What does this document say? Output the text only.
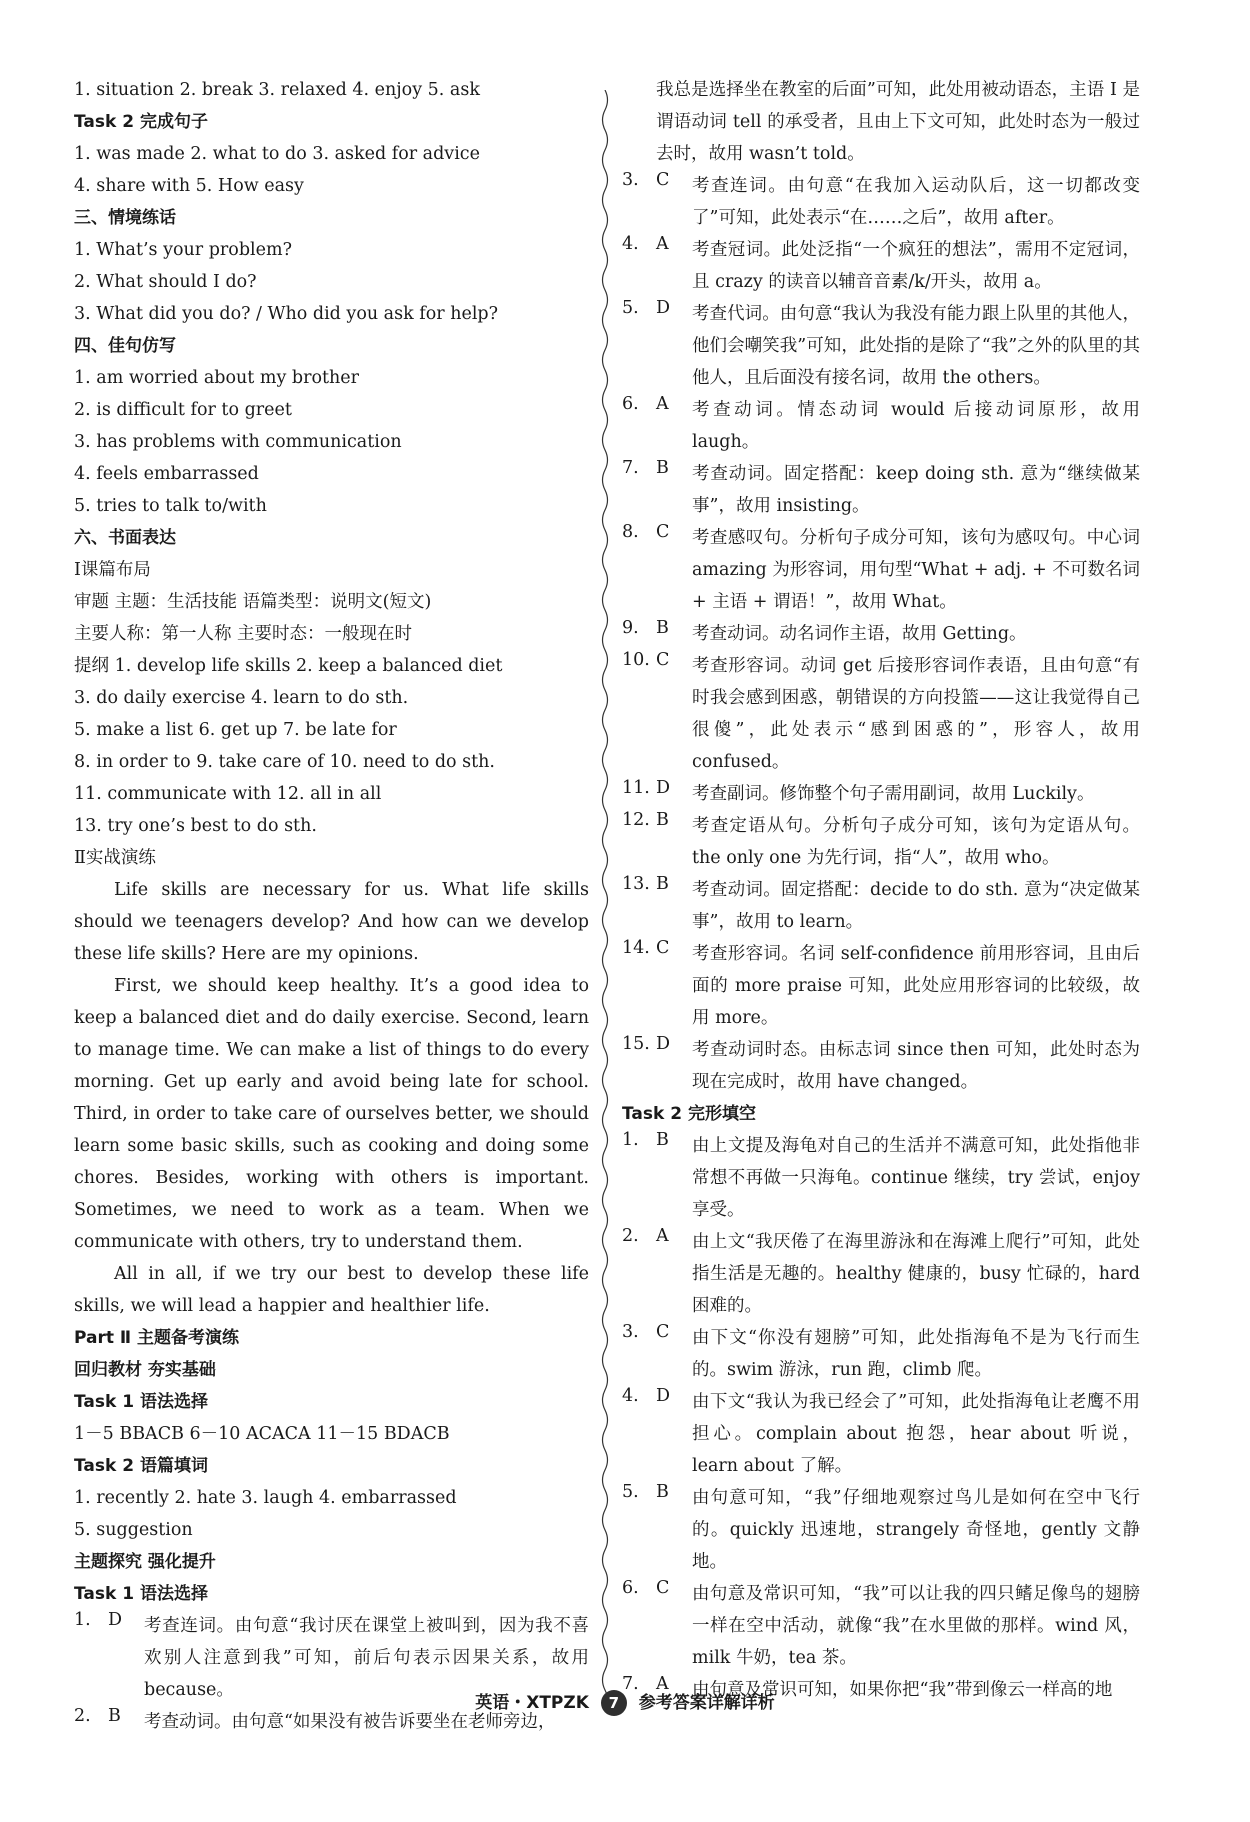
1. situation 2. break 3. relaxed 4. enjoy 5. ask
Task 2 完成句子
1. was made 2. what to do 3. asked for advice
4. share with 5. How easy
三、情境练话
1. What’s your problem?
2. What should I do?
3. What did you do? / Who did you ask for help?
四、佳句仿写
1. am worried about my brother
2. is difficult for to greet
3. has problems with communication
4. feels embarrassed
5. tries to talk to/with
六、书面表达
Ⅰ课篇布局
审题 主题：生活技能 语篇类型：说明文(短文)
主要人称：第一人称 主要时态：一般现在时
提纲 1. develop life skills 2. keep a balanced diet
3. do daily exercise 4. learn to do sth.
5. make a list 6. get up 7. be late for
8. in order to 9. take care of 10. need to do sth.
11. communicate with 12. all in all
13. try one’s best to do sth.
Ⅱ实战演练

Life skills are necessary for us. What life skills should we teenagers develop? And how can we develop these life skills? Here are my opinions.

First, we should keep healthy. It’s a good idea to keep a balanced diet and do daily exercise. Second, learn to manage time. We can make a list of things to do every morning. Get up early and avoid being late for school. Third, in order to take care of ourselves better, we should learn some basic skills, such as cooking and doing some chores. Besides, working with others is important. Sometimes, we need to work as a team. When we communicate with others, try to understand them.

All in all, if we try our best to develop these life skills, we will lead a happier and healthier life.

Part Ⅱ 主题备考演练
回归教材 夯实基础
Task 1 语法选择
1－5 BBACB 6－10 ACACA 11－15 BDACB
Task 2 语篇填词
1. recently 2. hate 3. laugh 4. embarrassed
5. suggestion
主题探究 强化提升
Task 1 语法选择
1. D	考查连词。由句意“我讨厌在课堂上被叫到，因为我不喜欢别人注意到我”可知，前后句表示因果关系，故用 because。
2. B	考查动词。由句意“如果没有被告诉要坐在老师旁边，
我总是选择坐在教室的后面”可知，此处用被动语态，主语 I 是谓语动词 tell 的承受者，且由上下文可知，此处时态为一般过去时，故用 wasn’t told。
3. C	考查连词。由句意“在我加入运动队后，这一切都改变了”可知，此处表示“在……之后”，故用 after。
4. A	考查冠词。此处泛指“一个疯狂的想法”，需用不定冠词，且 crazy 的读音以辅音音素/k/开头，故用 a。
5. D	考查代词。由句意“我认为我没有能力跟上队里的其他人，他们会嘲笑我”可知，此处指的是除了“我”之外的队里的其他人，且后面没有接名词，故用 the others。
6. A	考查动词。情态动词 would 后接动词原形，故用 laugh。
7. B	考查动词。固定搭配：keep doing sth. 意为“继续做某事”，故用 insisting。
8. C	考查感叹句。分析句子成分可知，该句为感叹句。中心词 amazing 为形容词，用句型“What + adj. + 不可数名词 + 主语 + 谓语！”，故用 What。
9. B	考查动词。动名词作主语，故用 Getting。
10. C	考查形容词。动词 get 后接形容词作表语，且由句意“有时我会感到困惑，朝错误的方向投篮——这让我觉得自己很傻”，此处表示“感到困惑的”，形容人，故用 confused。
11. D	考查副词。修饰整个句子需用副词，故用 Luckily。
12. B	考查定语从句。分析句子成分可知，该句为定语从句。the only one 为先行词，指“人”，故用 who。
13. B	考查动词。固定搭配：decide to do sth. 意为“决定做某事”，故用 to learn。
14. C	考查形容词。名词 self-confidence 前用形容词，且由后面的 more praise 可知，此处应用形容词的比较级，故用 more。
15. D	考查动词时态。由标志词 since then 可知，此处时态为现在完成时，故用 have changed。
Task 2 完形填空
1. B	由上文提及海龟对自己的生活并不满意可知，此处指他非常想不再做一只海龟。continue 继续，try 尝试，enjoy 享受。
2. A	由上文“我厌倦了在海里游泳和在海滩上爬行”可知，此处指生活是无趣的。healthy 健康的，busy 忙碌的，hard 困难的。
3. C	由下文“你没有翅膀”可知，此处指海龟不是为飞行而生的。swim 游泳，run 跑，climb 爬。
4. D	由下文“我认为我已经会了”可知，此处指海龟让老鹰不用担心。complain about 抱怨，hear about 听说，learn about 了解。
5. B	由句意可知，“我”仔细地观察过鸟儿是如何在空中飞行的。quickly 迅速地，strangely 奇怪地，gently 文静地。
6. C	由句意及常识可知，“我”可以让我的四只鳍足像鸟的翅膀一样在空中活动，就像“我”在水里做的那样。wind 风，milk 牛奶，tea 茶。
7. A	由句意及常识可知，如果你把“我”带到像云一样高的地
英语・XTPZK 7 参考答案详解详析
